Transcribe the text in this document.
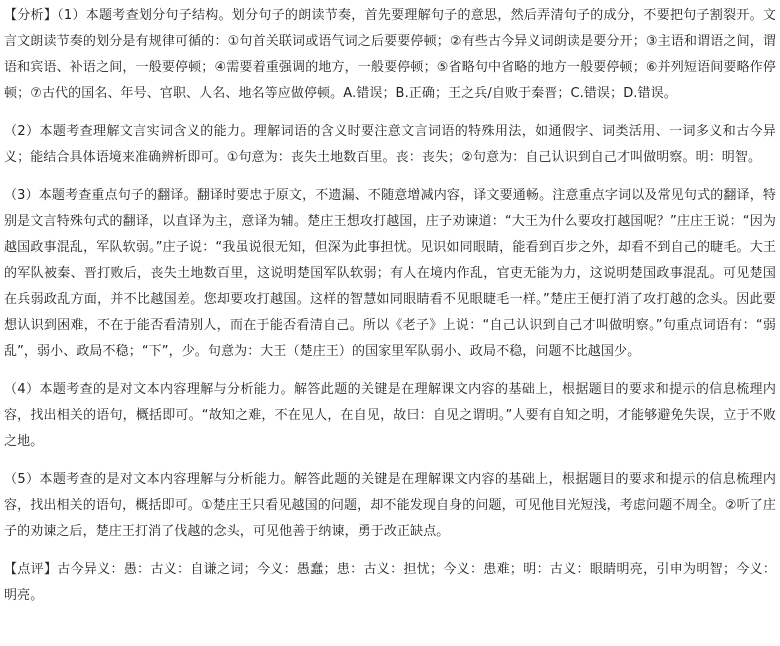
【分析】（1）本题考查划分句子结构。划分句子的朗读节奏，首先要理解句子的意思，然后弄清句子的成分，不要把句子割裂开。文言文朗读节奏的划分是有规律可循的：①句首关联词或语气词之后要要停顿；②有些古今异义词朗读是要分开；③主语和谓语之间，谓语和宾语、补语之间，一般要停顿；④需要着重强调的地方，一般要停顿；⑤省略句中省略的地方一般要停顿；⑥并列短语间要略作停顿；⑦古代的国名、年号、官职、人名、地名等应做停顿。A.错误；B.正确；王之兵/自败于秦晋；C.错误；D.错误。

（2）本题考查理解文言实词含义的能力。理解词语的含义时要注意文言词语的特殊用法，如通假字、词类活用、一词多义和古今异义；能结合具体语境来准确辨析即可。①句意为：丧失土地数百里。丧：丧失；②句意为：自己认识到自己才叫做明察。明：明智。

（3）本题考查重点句子的翻译。翻译时要忠于原文，不遗漏、不随意增减内容，译文要通畅。注意重点字词以及常见句式的翻译，特别是文言特殊句式的翻译，以直译为主，意译为辅。楚庄王想攻打越国，庄子劝谏道：“大王为什么要攻打越国呢？”庄庄王说：“因为越国政事混乱，军队软弱。”庄子说：“我虽说很无知，但深为此事担忧。见识如同眼睛，能看到百步之外，却看不到自己的睫毛。大王的军队被秦、晋打败后，丧失土地数百里，这说明楚国军队软弱；有人在境内作乱，官吏无能为力，这说明楚国政事混乱。可见楚国在兵弱政乱方面，并不比越国差。您却要攻打越国。这样的智慧如同眼睛看不见眼睫毛一样。”楚庄王便打消了攻打越的念头。因此要想认识到困难，不在于能否看清别人，而在于能否看清自己。所以《老子》上说：“自己认识到自己才叫做明察。”句重点词语有：“弱乱”，弱小、政局不稳；“下”，少。句意为：大王（楚庄王）的国家里军队弱小、政局不稳，问题不比越国少。

（4）本题考查的是对文本内容理解与分析能力。解答此题的关键是在理解课文内容的基础上，根据题目的要求和提示的信息梳理内容，找出相关的语句，概括即可。“故知之难，不在见人，在自见，故曰：自见之谓明。”人要有自知之明，才能够避免失误，立于不败之地。

（5）本题考查的是对文本内容理解与分析能力。解答此题的关键是在理解课文内容的基础上，根据题目的要求和提示的信息梳理内容，找出相关的语句，概括即可。①楚庄王只看见越国的问题，却不能发现自身的问题，可见他目光短浅，考虑问题不周全。②听了庄子的劝谏之后，楚庄王打消了伐越的念头，可见他善于纳谏，勇于改正缺点。

【点评】古今异义：愚：古义：自谦之词；今义：愚蠢；患：古义：担忧；今义：患难；明：古义：眼睛明亮，引申为明智；今义：明亮。
